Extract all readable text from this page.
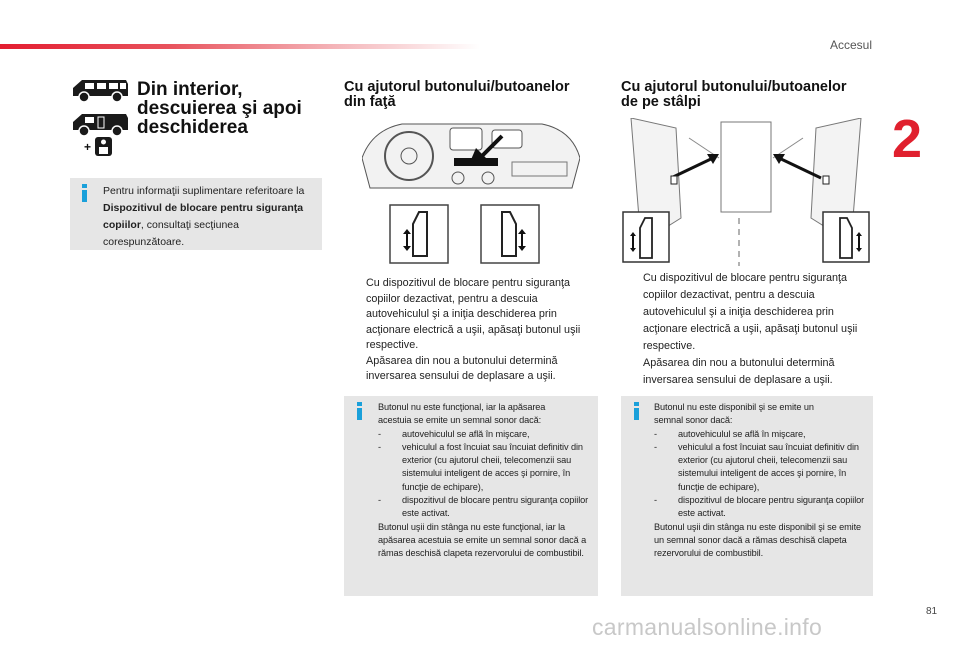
Accesul
2
81
carmanualsonline.info
+
Din interior,
descuierea şi apoi
deschiderea
Pentru informaţii suplimentare referitoare la Dispozitivul de blocare pentru siguranţa copiilor, consultaţi secţiunea corespunzătoare.
Cu ajutorul butonului/butoanelor
din faţă
Cu dispozitivul de blocare pentru siguranţa copiilor dezactivat, pentru a descuia autovehiculul şi a iniţia deschiderea prin acţionare electrică a uşii, apăsaţi butonul uşii respective.
Apăsarea din nou a butonului determină inversarea sensului de deplasare a uşii.
Butonul nu este funcţional, iar la apăsarea
acestuia se emite un semnal sonor dacă:
- autovehiculul se află în mişcare,
- vehiculul a fost încuiat sau încuiat definitiv din exterior (cu ajutorul cheii, telecomenzii sau sistemului inteligent de acces şi pornire, în funcţie de echipare),
- dispozitivul de blocare pentru siguranţa copiilor este activat.
Butonul uşii din stânga nu este funcţional, iar la apăsarea acestuia se emite un semnal sonor dacă a rămas deschisă clapeta rezervorului de combustibil.
Cu ajutorul butonului/butoanelor
de pe stâlpi
Cu dispozitivul de blocare pentru siguranţa copiilor dezactivat, pentru a descuia autovehiculul şi a iniţia deschiderea prin acţionare electrică a uşii, apăsaţi butonul uşii respective.
Apăsarea din nou a butonului determină inversarea sensului de deplasare a uşii.
Butonul nu este disponibil şi se emite un
semnal sonor dacă:
- autovehiculul se află în mişcare,
- vehiculul a fost încuiat sau încuiat definitiv din exterior (cu ajutorul cheii, telecomenzii sau sistemului inteligent de acces şi pornire, în funcţie de echipare),
- dispozitivul de blocare pentru siguranţa copiilor este activat.
Butonul uşii din stânga nu este disponibil şi se emite un semnal sonor dacă a rămas deschisă clapeta rezervorului de combustibil.
